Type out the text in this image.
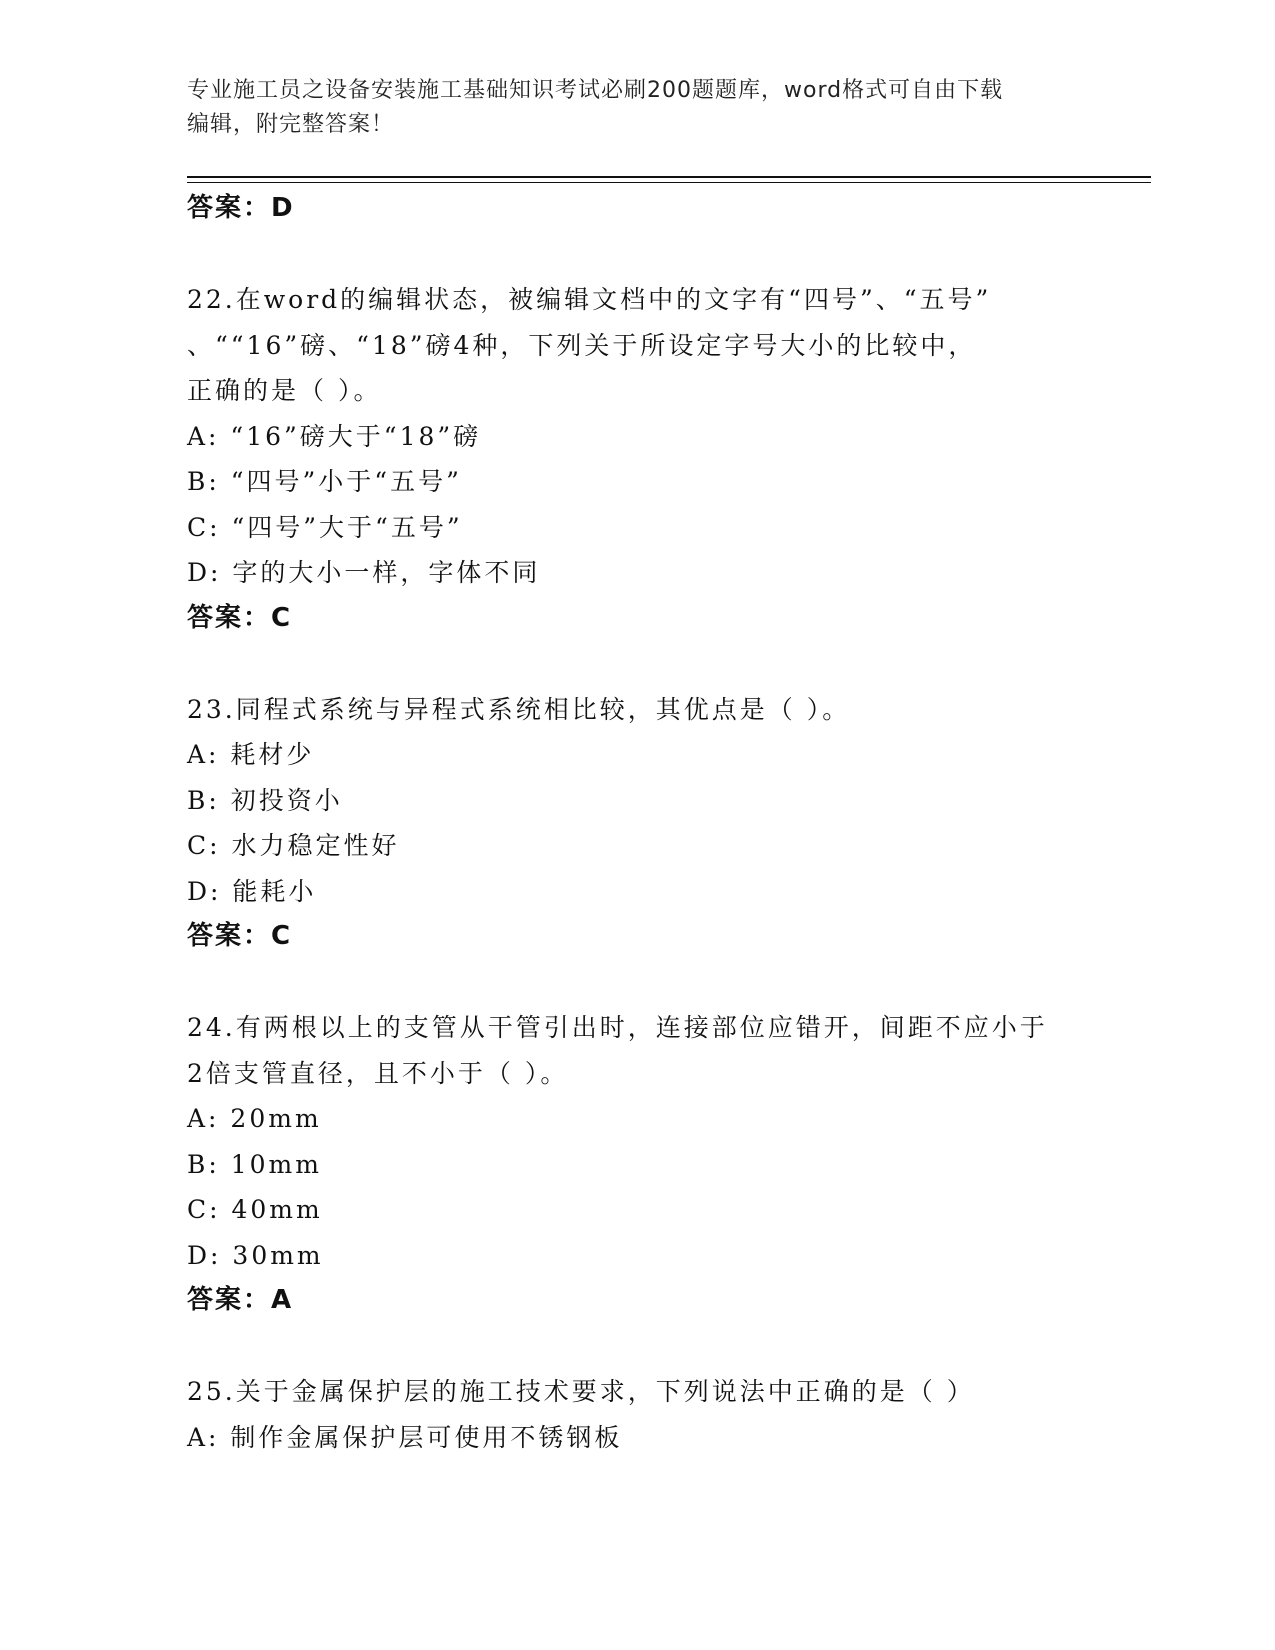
专业施工员之设备安装施工基础知识考试必刷200题题库，word格式可自由下载
编辑，附完整答案！
答案：D
22.在word的编辑状态，被编辑文档中的文字有“四号”、“五号”
、““16”磅、“18”磅4种，下列关于所设定字号大小的比较中，
正确的是（ ）。
A: “16”磅大于“18”磅
B: “四号”小于“五号”
C: “四号”大于“五号”
D: 字的大小一样，字体不同
答案：C
23.同程式系统与异程式系统相比较，其优点是（ ）。
A: 耗材少
B: 初投资小
C: 水力稳定性好
D: 能耗小
答案：C
24.有两根以上的支管从干管引出时，连接部位应错开，间距不应小于
2倍支管直径，且不小于（ ）。
A: 20mm
B: 10mm
C: 40mm
D: 30mm
答案：A
25.关于金属保护层的施工技术要求，下列说法中正确的是（ ）
A: 制作金属保护层可使用不锈钢板
